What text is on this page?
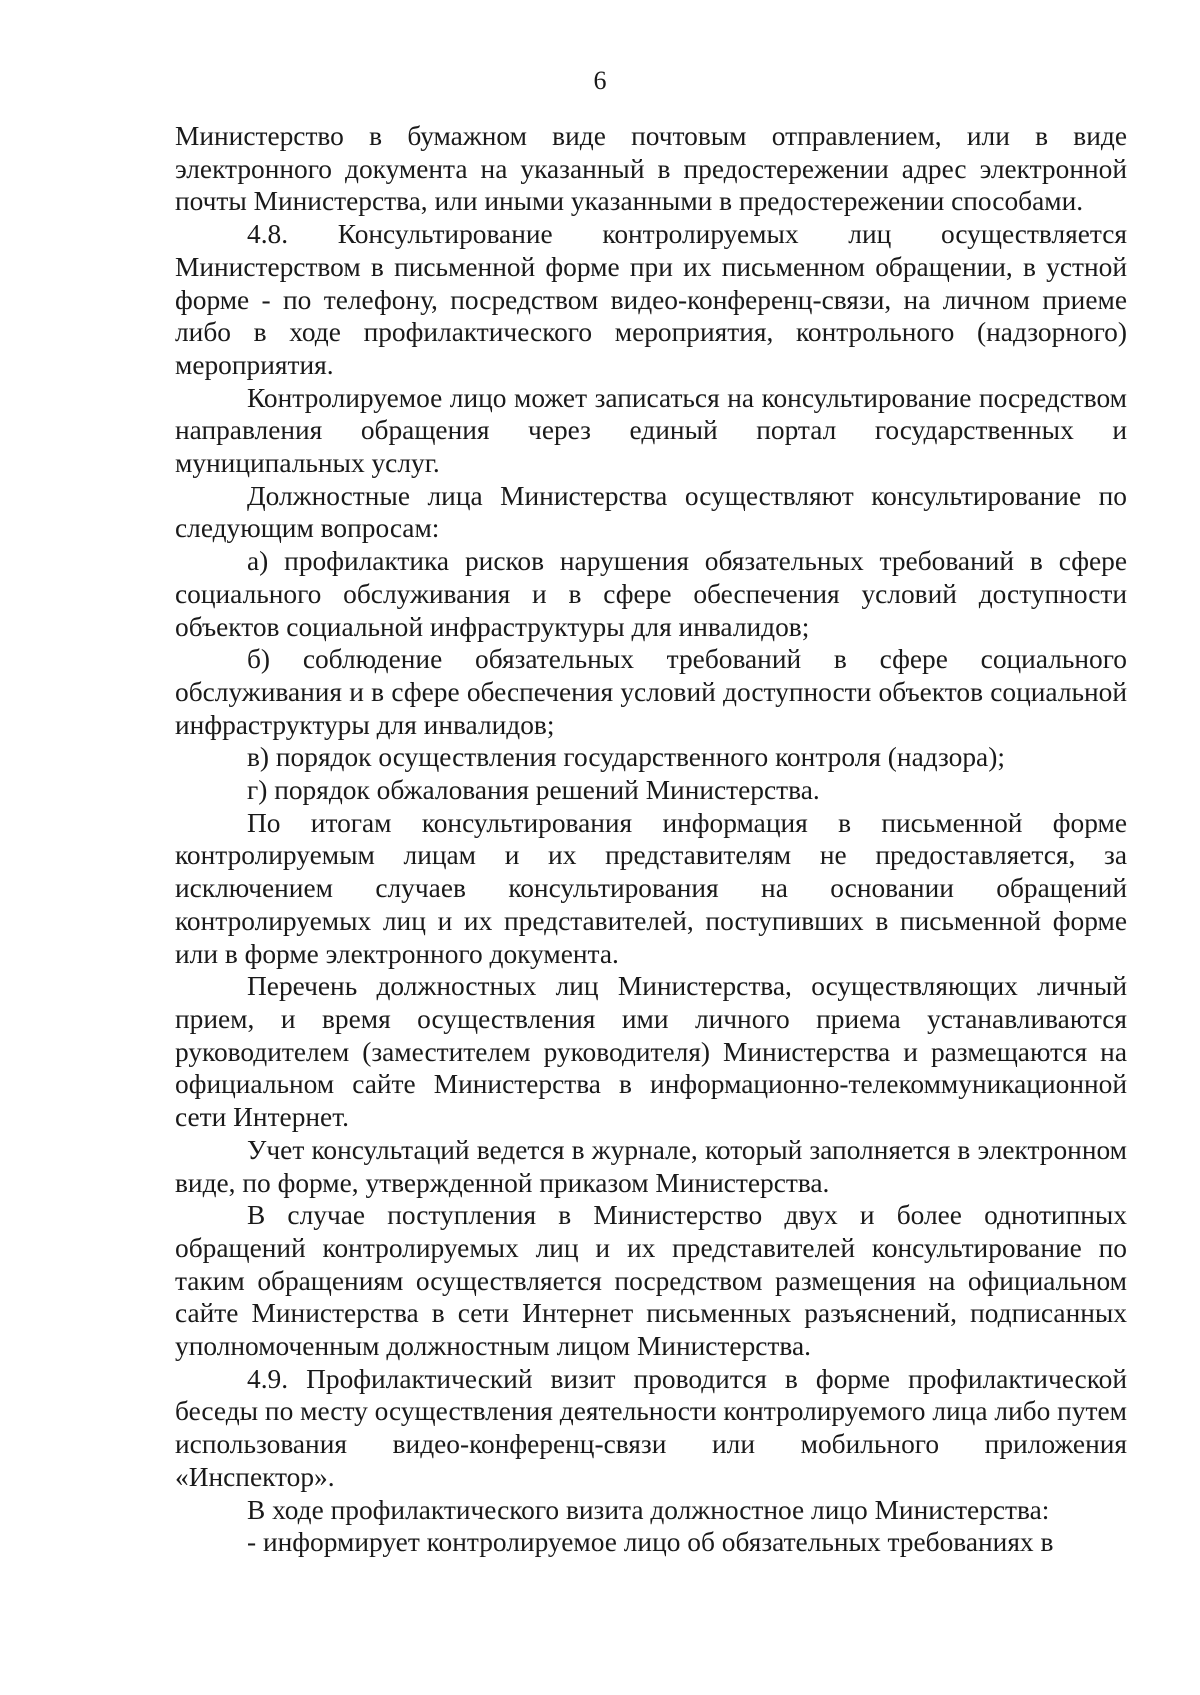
6

Министерство в бумажном виде почтовым отправлением, или в виде электронного документа на указанный в предостережении адрес электронной почты Министерства, или иными указанными в предостережении способами.

4.8. Консультирование контролируемых лиц осуществляется Министерством в письменной форме при их письменном обращении, в устной форме - по телефону, посредством видео-конференц-связи, на личном приеме либо в ходе профилактического мероприятия, контрольного (надзорного) мероприятия.

Контролируемое лицо может записаться на консультирование посредством направления обращения через единый портал государственных и муниципальных услуг.

Должностные лица Министерства осуществляют консультирование по следующим вопросам:

а) профилактика рисков нарушения обязательных требований в сфере социального обслуживания и в сфере обеспечения условий доступности объектов социальной инфраструктуры для инвалидов;

б) соблюдение обязательных требований в сфере социального обслуживания и в сфере обеспечения условий доступности объектов социальной инфраструктуры для инвалидов;

в) порядок осуществления государственного контроля (надзора);

г) порядок обжалования решений Министерства.

По итогам консультирования информация в письменной форме контролируемым лицам и их представителям не предоставляется, за исключением случаев консультирования на основании обращений контролируемых лиц и их представителей, поступивших в письменной форме или в форме электронного документа.

Перечень должностных лиц Министерства, осуществляющих личный прием, и время осуществления ими личного приема устанавливаются руководителем (заместителем руководителя) Министерства и размещаются на официальном сайте Министерства в информационно-телекоммуникационной сети Интернет.

Учет консультаций ведется в журнале, который заполняется в электронном виде, по форме, утвержденной приказом Министерства.

В случае поступления в Министерство двух и более однотипных обращений контролируемых лиц и их представителей консультирование по таким обращениям осуществляется посредством размещения на официальном сайте Министерства в сети Интернет письменных разъяснений, подписанных уполномоченным должностным лицом Министерства.

4.9. Профилактический визит проводится в форме профилактической беседы по месту осуществления деятельности контролируемого лица либо путем использования видео-конференц-связи или мобильного приложения «Инспектор».

В ходе профилактического визита должностное лицо Министерства:

- информирует контролируемое лицо об обязательных требованиях в
